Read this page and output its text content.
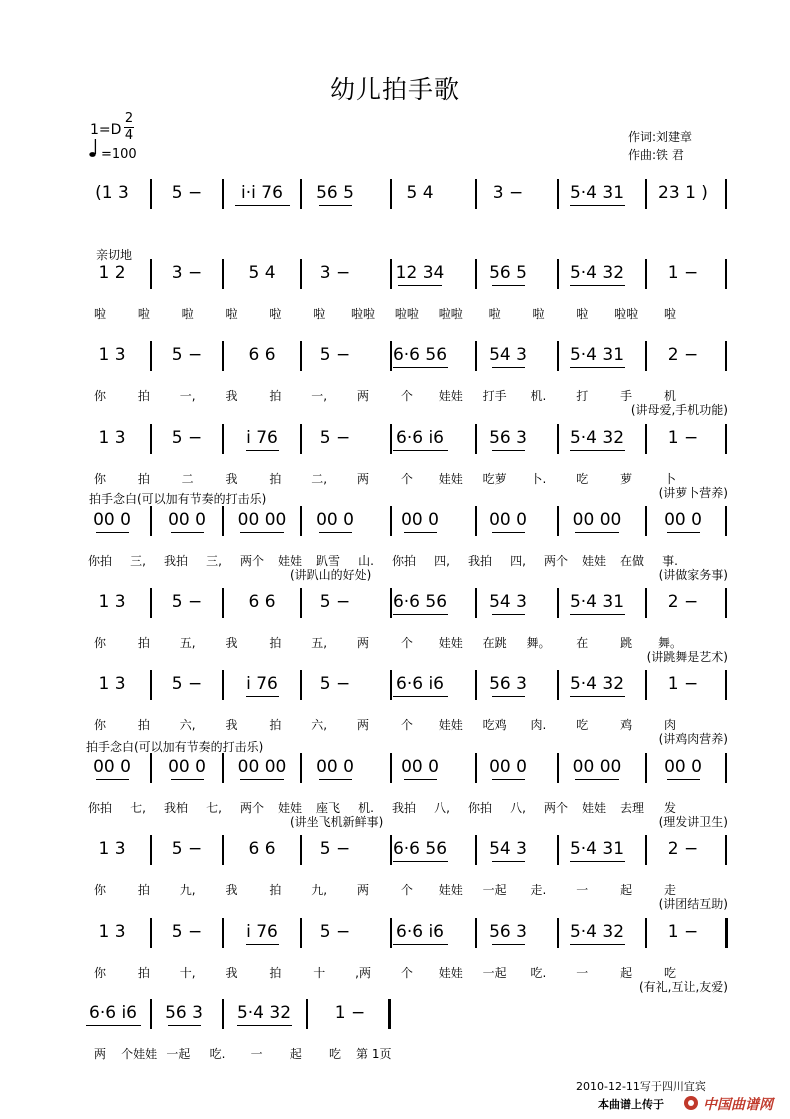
幼儿拍手歌
1=D
2
4
=100
作词:刘建章
作曲:铁 君
(1 3	5 − i·i 76 56 5	5 4	3 −	5·4 31 23 1 )
1 2	3 −	5 4	3 −	12 34	56 5	5·4 32	1 −
啦	啦	啦	啦	啦	啦 啦啦 啦啦 啦啦 啦	啦	啦 啦啦 啦
1 3	5 −	6 6	5 −	6·6 56 54 3	5·4 31	2 −
你	拍 一, 我	拍 一, 两	个 娃娃 打手 机. 打	手	机
(讲母爱,手机功能)
1 3	5 −	i 76 5 −	6·6 i6	56 3	5·4 32	1 −
你	拍	二	我	拍 二, 两	个 娃娃 吃萝 卜. 吃	萝	卜
(讲萝卜营养)
00 0 00 0 00 00 00 0	00 0	00 0	00 00	00 0
你拍 三, 我拍 三, 两个 娃娃 趴雪 山. 你拍 四, 我拍 四, 两个 娃娃 在做 事.
(讲做家务事)
(讲趴山的好处)
1 3	5 −	6 6	5 −	6·6 56 54 3	5·4 31	2 −
你	拍 五, 我	拍 五, 两	个 娃娃 在跳 舞。 在	跳 舞。
(讲跳舞是艺术)
1 3	5 −	i 76 5 −	6·6 i6	56 3	5·4 32	1 −
你	拍 六, 我	拍 六, 两	个 娃娃 吃鸡 肉. 吃	鸡	肉
(讲鸡肉营养)
00 0 00 0 00 00 00 0	00 0	00 0	00 00	00 0
你拍 七, 我柏 七, 两个 娃娃 座飞 机. 我拍 八, 你拍 八, 两个 娃娃 去理 发
(理发讲卫生)
(讲坐飞机新鲜事)
1 3	5 −	6 6	5 −	6·6 56 54 3	5·4 31	2 −
你	拍 九, 我	拍 九, 两	个 娃娃 一起 走. 一	起	走
(讲团结互助)
1 3	5 −	i 76 5 −	6·6 i6	56 3	5·4 32	1 −
你	拍 十, 我	拍	十 ,两 个 娃娃 一起 吃. 一	起	吃
(有礼,互让,友爱)
6·6 i6 56 3 5·4 32	1 −
两 个娃娃 一起 吃. 一 起 吃 第 1页
亲切地
拍手念白(可以加有节奏的打击乐)
拍手念白(可以加有节奏的打击乐)
2010-12-11写于四川宜宾
本曲谱上传于	中国曲谱网
